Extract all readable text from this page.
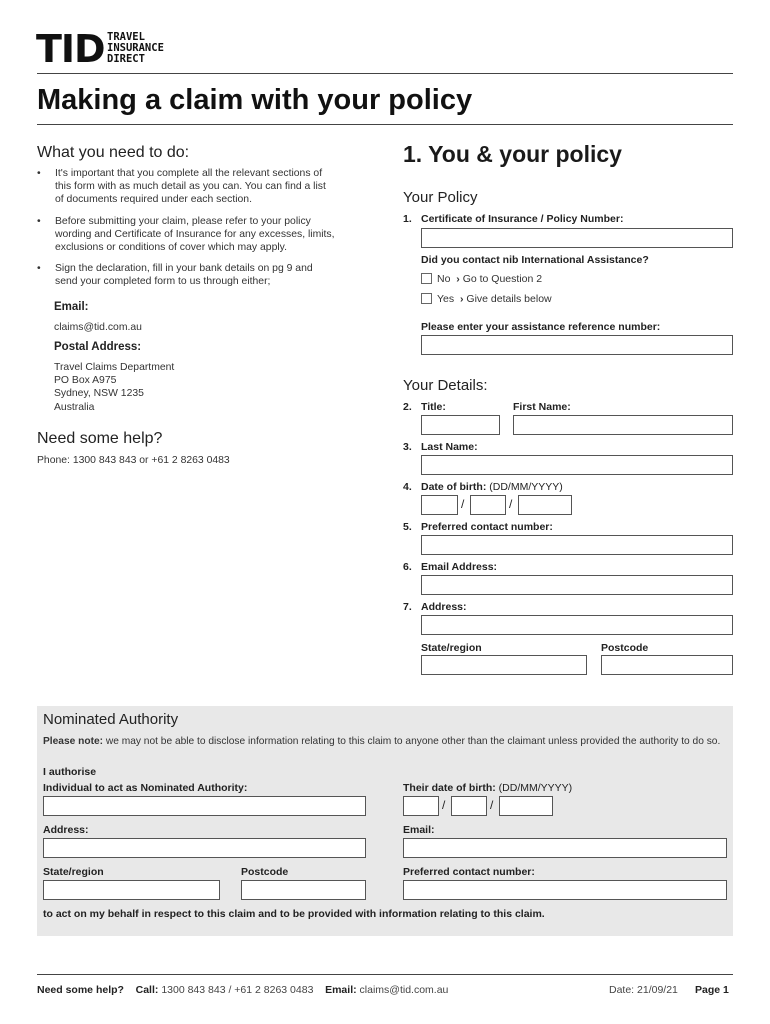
TID TRAVEL
INSURANCE
DIRECT
Making a claim with your policy
What you need to do:
• It's important that you complete all the relevant sections of this form with as much detail as you can. You can find a list of documents required under each section.
• Before submitting your claim, please refer to your policy wording and Certificate of Insurance for any excesses, limits, exclusions or conditions of cover which may apply.
• Sign the declaration, fill in your bank details on pg 9 and send your completed form to us through either;
Email:
claims@tid.com.au
Postal Address:
Travel Claims Department
PO Box A975
Sydney, NSW 1235
Australia
Need some help?
Phone: 1300 843 843 or +61 2 8263 0483
1. You & your policy
Your Policy
1. Certificate of Insurance / Policy Number:
Did you contact nib International Assistance?
No › Go to Question 2
Yes › Give details below
Please enter your assistance reference number:
Your Details:
2. Title:	First Name:
3. Last Name:
4. Date of birth: (DD/MM/YYYY)
/	/
5. Preferred contact number:
6. Email Address:
7. Address:
State/region	Postcode
Nominated Authority
Please note: we may not be able to disclose information relating to this claim to anyone other than the claimant unless provided the authority to do so.
I authorise
Individual to act as Nominated Authority:	Their date of birth: (DD/MM/YYYY)
/	/
Address:	Email:
State/region	Postcode	Preferred contact number:
to act on my behalf in respect to this claim and to be provided with information relating to this claim.
Need some help? Call: 1300 843 843 / +61 2 8263 0483 Email: claims@tid.com.au	Date: 21/09/21 Page 1
